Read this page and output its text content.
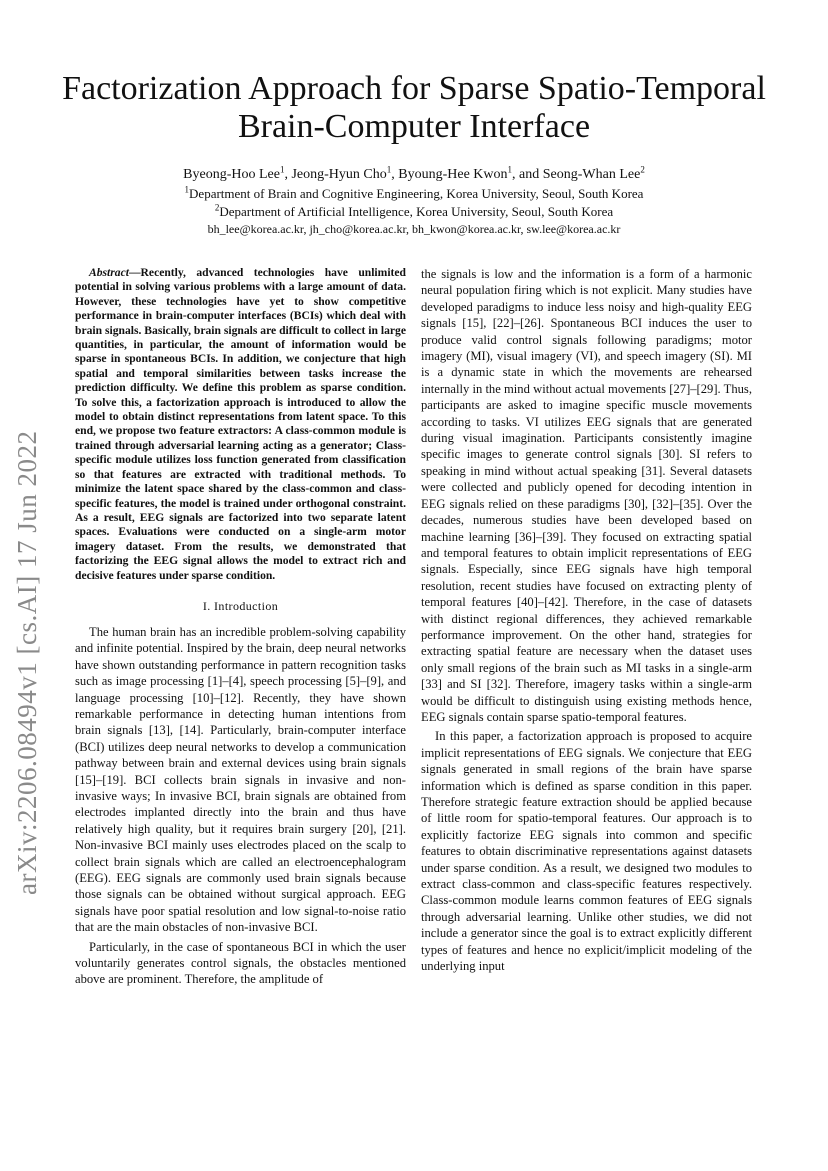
arXiv:2206.08494v1 [cs.AI] 17 Jun 2022
Factorization Approach for Sparse Spatio-Temporal Brain-Computer Interface
Byeong-Hoo Lee$^1$, Jeong-Hyun Cho$^1$, Byoung-Hee Kwon$^1$, and Seong-Whan Lee$^2$
$^1$Department of Brain and Cognitive Engineering, Korea University, Seoul, South Korea
$^2$Department of Artificial Intelligence, Korea University, Seoul, South Korea
bh_lee@korea.ac.kr, jh_cho@korea.ac.kr, bh_kwon@korea.ac.kr, sw.lee@korea.ac.kr

Abstract—Recently, advanced technologies have unlimited potential in solving various problems with a large amount of data. However, these technologies have yet to show competitive performance in brain-computer interfaces (BCIs) which deal with brain signals. Basically, brain signals are difficult to collect in large quantities, in particular, the amount of information would be sparse in spontaneous BCIs. In addition, we conjecture that high spatial and temporal similarities between tasks increase the prediction difficulty. We define this problem as sparse condition. To solve this, a factorization approach is introduced to allow the model to obtain distinct representations from latent space. To this end, we propose two feature extractors: A class-common module is trained through adversarial learning acting as a generator; Class-specific module utilizes loss function generated from classification so that features are extracted with traditional methods. To minimize the latent space shared by the class-common and class-specific features, the model is trained under orthogonal constraint. As a result, EEG signals are factorized into two separate latent spaces. Evaluations were conducted on a single-arm motor imagery dataset. From the results, we demonstrated that factorizing the EEG signal allows the model to extract rich and decisive features under sparse condition.

I. Introduction

The human brain has an incredible problem-solving capability and infinite potential. Inspired by the brain, deep neural networks have shown outstanding performance in pattern recognition tasks such as image processing [1]–[4], speech processing [5]–[9], and language processing [10]–[12]. Recently, they have shown remarkable performance in detecting human intentions from brain signals [13], [14]. Particularly, brain-computer interface (BCI) utilizes deep neural networks to develop a communication pathway between brain and external devices using brain signals [15]–[19]. BCI collects brain signals in invasive and non-invasive ways; In invasive BCI, brain signals are obtained from electrodes implanted directly into the brain and thus have relatively high quality, but it requires brain surgery [20], [21]. Non-invasive BCI mainly uses electrodes placed on the scalp to collect brain signals which are called an electroencephalogram (EEG). EEG signals are commonly used brain signals because those signals can be obtained without surgical approach. EEG signals have poor spatial resolution and low signal-to-noise ratio that are the main obstacles of non-invasive BCI.

Particularly, in the case of spontaneous BCI in which the user voluntarily generates control signals, the obstacles mentioned above are prominent. Therefore, the amplitude of

the signals is low and the information is a form of a harmonic neural population firing which is not explicit. Many studies have developed paradigms to induce less noisy and high-quality EEG signals [15], [22]–[26]. Spontaneous BCI induces the user to produce valid control signals following paradigms; motor imagery (MI), visual imagery (VI), and speech imagery (SI). MI is a dynamic state in which the movements are rehearsed internally in the mind without actual movements [27]–[29]. Thus, participants are asked to imagine specific muscle movements according to tasks. VI utilizes EEG signals that are generated during visual imagination. Participants consistently imagine specific images to generate control signals [30]. SI refers to speaking in mind without actual speaking [31]. Several datasets were collected and publicly opened for decoding intention in EEG signals relied on these paradigms [30], [32]–[35]. Over the decades, numerous studies have been developed based on machine learning [36]–[39]. They focused on extracting spatial and temporal features to obtain implicit representations of EEG signals. Especially, since EEG signals have high temporal resolution, recent studies have focused on extracting plenty of temporal features [40]–[42]. Therefore, in the case of datasets with distinct regional differences, they achieved remarkable performance improvement. On the other hand, strategies for extracting spatial feature are necessary when the dataset uses only small regions of the brain such as MI tasks in a single-arm [33] and SI [32]. Therefore, imagery tasks within a single-arm would be difficult to distinguish using existing methods hence, EEG signals contain sparse spatio-temporal features.

In this paper, a factorization approach is proposed to acquire implicit representations of EEG signals. We conjecture that EEG signals generated in small regions of the brain have sparse information which is defined as sparse condition in this paper. Therefore strategic feature extraction should be applied because of little room for spatio-temporal features. Our approach is to explicitly factorize EEG signals into common and specific features to obtain discriminative representations against datasets under sparse condition. As a result, we designed two modules to extract class-common and class-specific features respectively. Class-common module learns common features of EEG signals through adversarial learning. Unlike other studies, we did not include a generator since the goal is to extract explicitly different types of features and hence no explicit/implicit modeling of the underlying input
